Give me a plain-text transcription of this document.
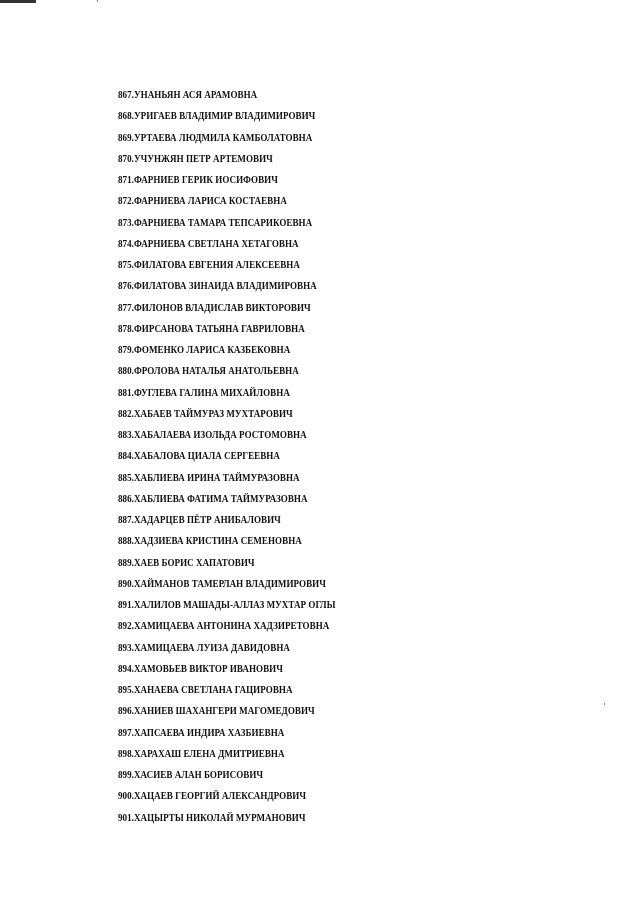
867.УНАНЬЯН АСЯ АРАМОВНА
868.УРИГАЕВ ВЛАДИМИР ВЛАДИМИРОВИЧ
869.УРТАЕВА ЛЮДМИЛА КАМБОЛАТОВНА
870.УЧУНЖЯН ПЕТР АРТЕМОВИЧ
871.ФАРНИЕВ ГЕРИК ИОСИФОВИЧ
872.ФАРНИЕВА ЛАРИСА КОСТАЕВНА
873.ФАРНИЕВА ТАМАРА ТЕПСАРИКОЕВНА
874.ФАРНИЕВА СВЕТЛАНА ХЕТАГОВНА
875.ФИЛАТОВА ЕВГЕНИЯ АЛЕКСЕЕВНА
876.ФИЛАТОВА ЗИНАИДА ВЛАДИМИРОВНА
877.ФИЛОНОВ ВЛАДИСЛАВ ВИКТОРОВИЧ
878.ФИРСАНОВА ТАТЬЯНА ГАВРИЛОВНА
879.ФОМЕНКО ЛАРИСА КАЗБЕКОВНА
880.ФРОЛОВА НАТАЛЬЯ АНАТОЛЬЕВНА
881.ФУГЛЕВА ГАЛИНА МИХАЙЛОВНА
882.ХАБАЕВ ТАЙМУРАЗ МУХТАРОВИЧ
883.ХАБАЛАЕВА ИЗОЛЬДА РОСТОМОВНА
884.ХАБАЛОВА ЦИАЛА СЕРГЕЕВНА
885.ХАБЛИЕВА ИРИНА ТАЙМУРАЗОВНА
886.ХАБЛИЕВА ФАТИМА ТАЙМУРАЗОВНА
887.ХАДАРЦЕВ ПЁТР АНИБАЛОВИЧ
888.ХАДЗИЕВА КРИСТИНА СЕМЕНОВНА
889.ХАЕВ БОРИС ХАПАТОВИЧ
890.ХАЙМАНОВ ТАМЕРЛАН ВЛАДИМИРОВИЧ
891.ХАЛИЛОВ МАШАДЫ-АЛЛАЗ МУХТАР ОГЛЫ
892.ХАМИЦАЕВА АНТОНИНА ХАДЗИРЕТОВНА
893.ХАМИЦАЕВА ЛУИЗА ДАВИДОВНА
894.ХАМОВЬЕВ ВИКТОР ИВАНОВИЧ
895.ХАНАЕВА СВЕТЛАНА ГАЦИРОВНА
896.ХАНИЕВ ШАХАНГЕРИ МАГОМЕДОВИЧ
897.ХАПСАЕВА ИНДИРА ХАЗБИЕВНА
898.ХАРАХАШ ЕЛЕНА ДМИТРИЕВНА
899.ХАСИЕВ АЛАН БОРИСОВИЧ
900.ХАЦАЕВ ГЕОРГИЙ АЛЕКСАНДРОВИЧ
901.ХАЦЫРТЫ НИКОЛАЙ МУРМАНОВИЧ
